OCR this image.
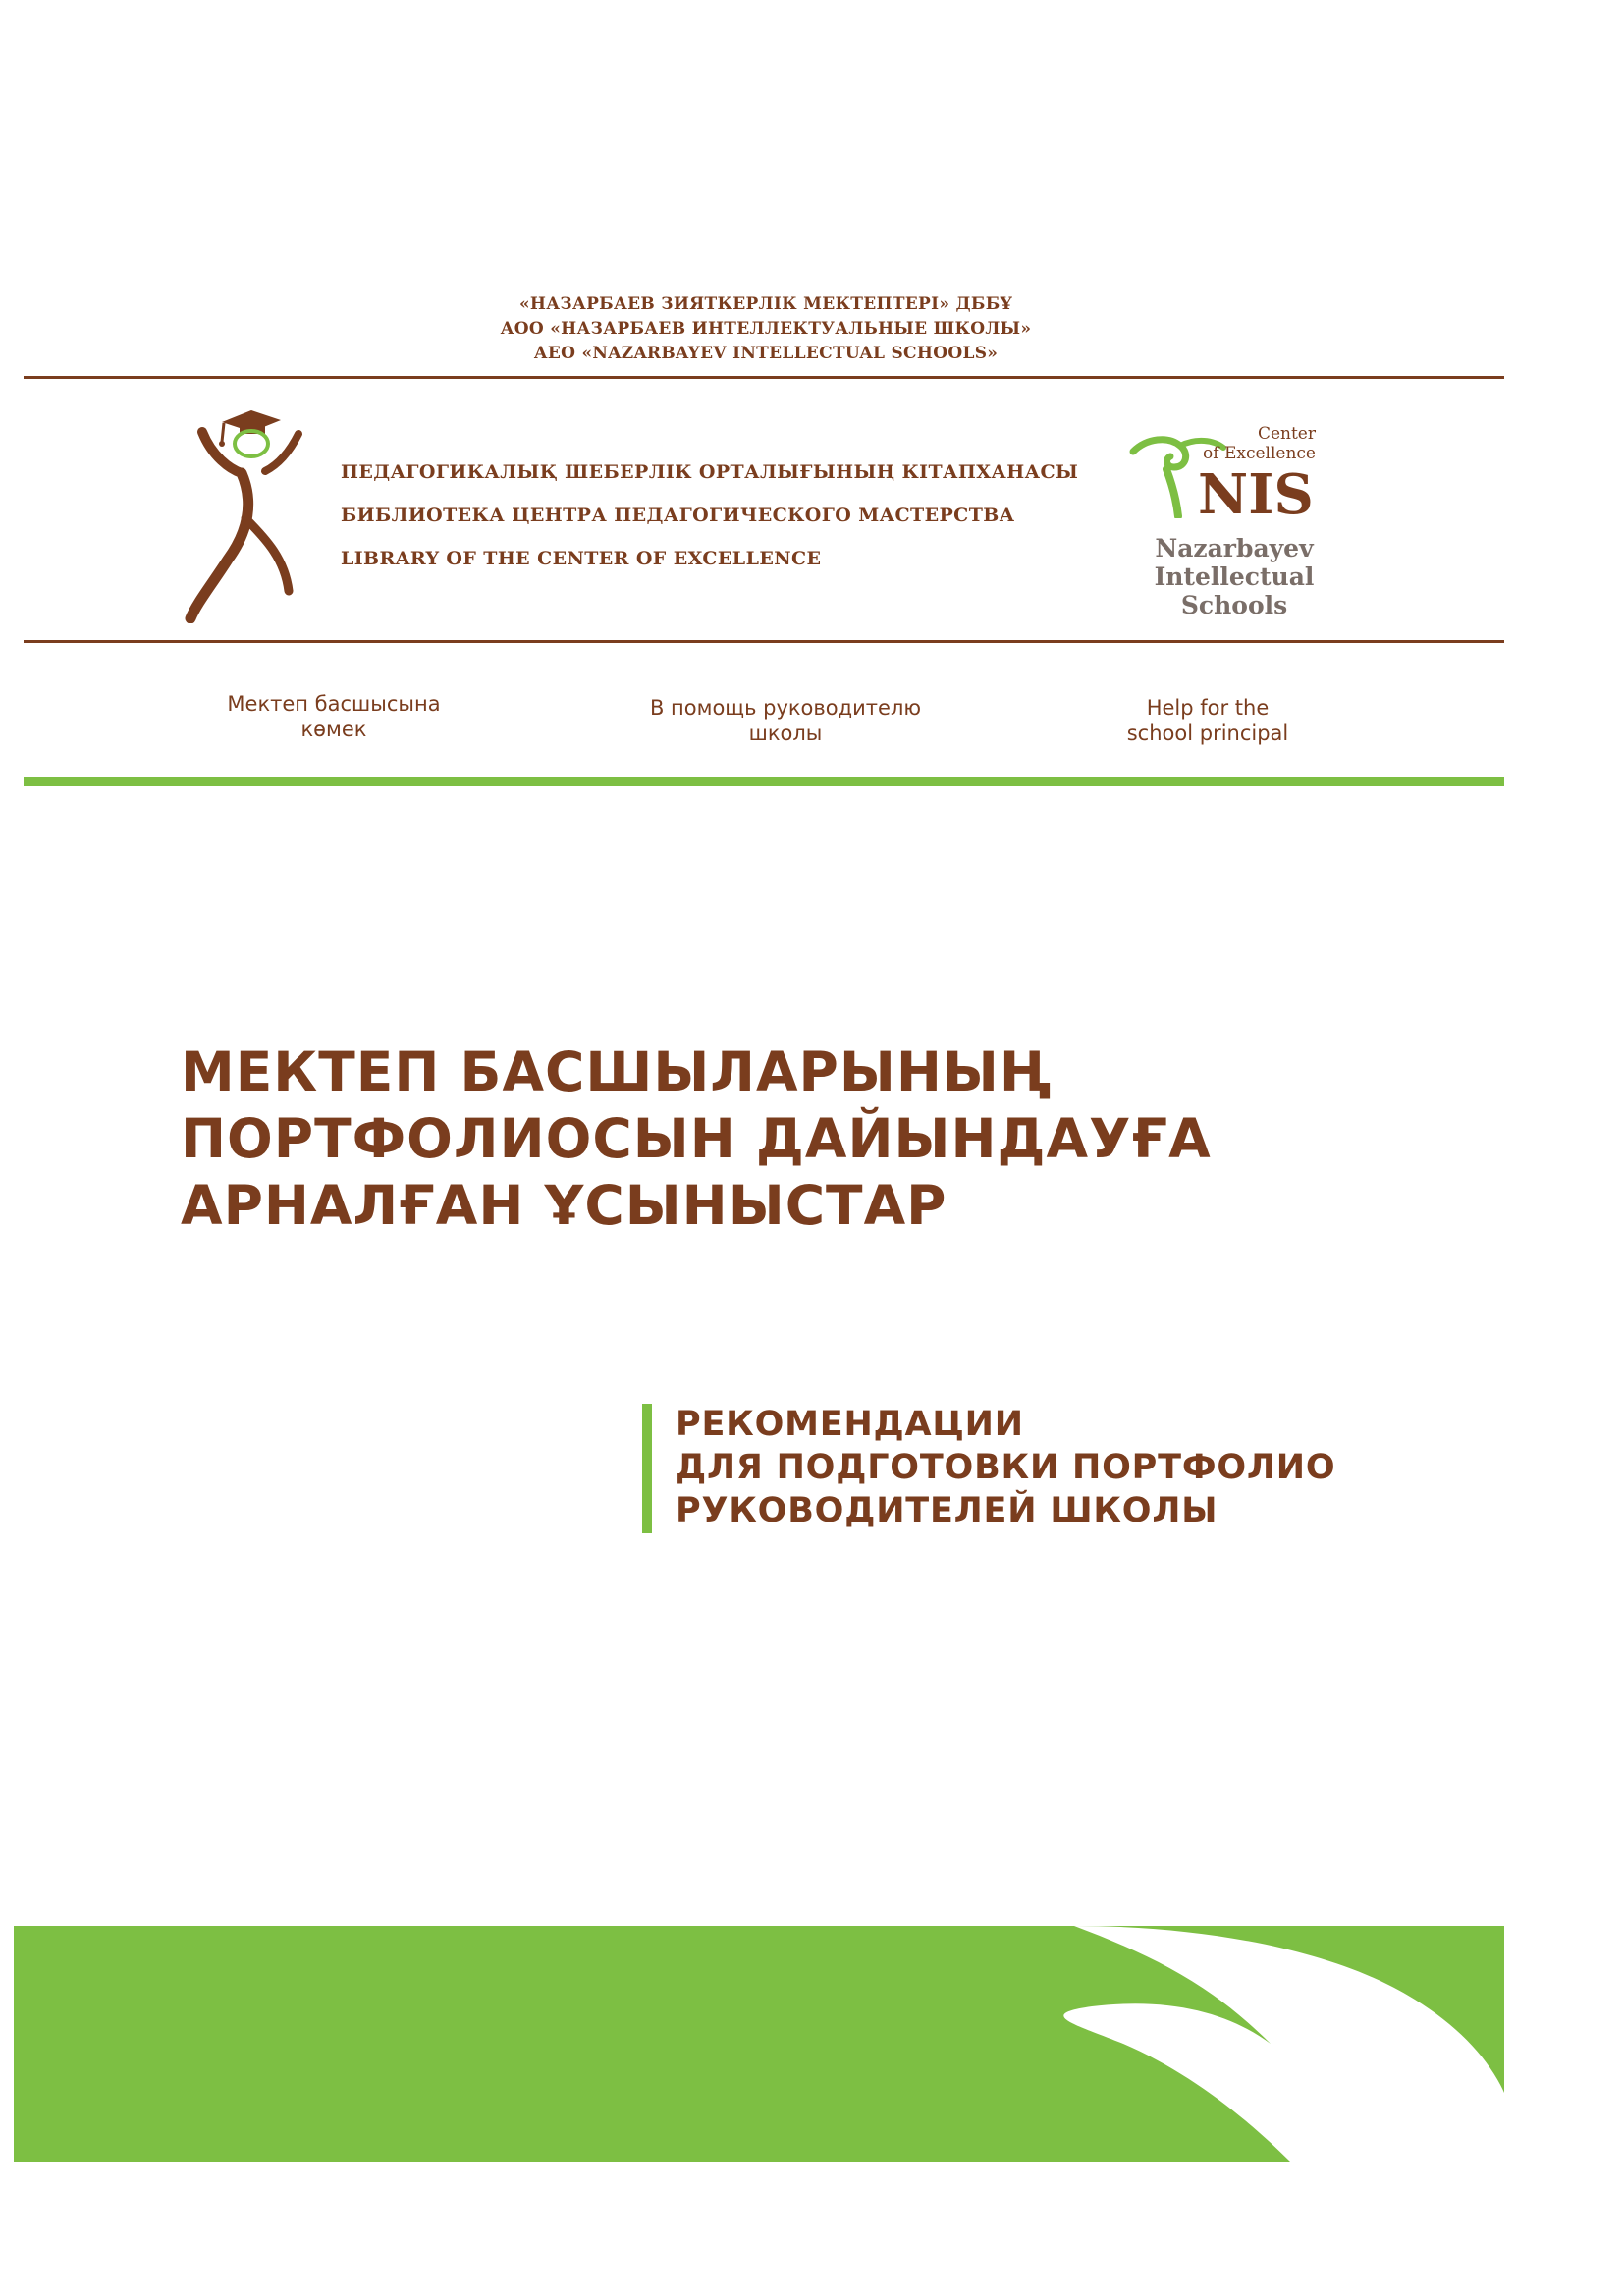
«НАЗАРБАЕВ ЗИЯТКЕРЛІК МЕКТЕПТЕРІ» ДББҰ
АОО «НАЗАРБАЕВ ИНТЕЛЛЕКТУАЛЬНЫЕ ШКОЛЫ»
АЕО «NAZARBAYEV INTELLECTUAL SCHOOLS»
ПЕДАГОГИКАЛЫҚ ШЕБЕРЛІК ОРТАЛЫҒЫНЫҢ КІТАПХАНАСЫ
БИБЛИОТЕКА ЦЕНТРА ПЕДАГОГИЧЕСКОГО МАСТЕРСТВА
LIBRARY OF THE CENTER OF EXCELLENCE
Center
of Excellence
NIS
Nazarbayev
Intellectual
Schools
Мектеп басшысына
көмек
В помощь руководителю
школы
Help for the
school principal
МЕКТЕП БАСШЫЛАРЫНЫҢ
ПОРТФОЛИОСЫН ДАЙЫНДАУҒА
АРНАЛҒАН ҰСЫНЫСТАР
РЕКОМЕНДАЦИИ
ДЛЯ ПОДГОТОВКИ ПОРТФОЛИО
РУКОВОДИТЕЛЕЙ ШКОЛЫ
